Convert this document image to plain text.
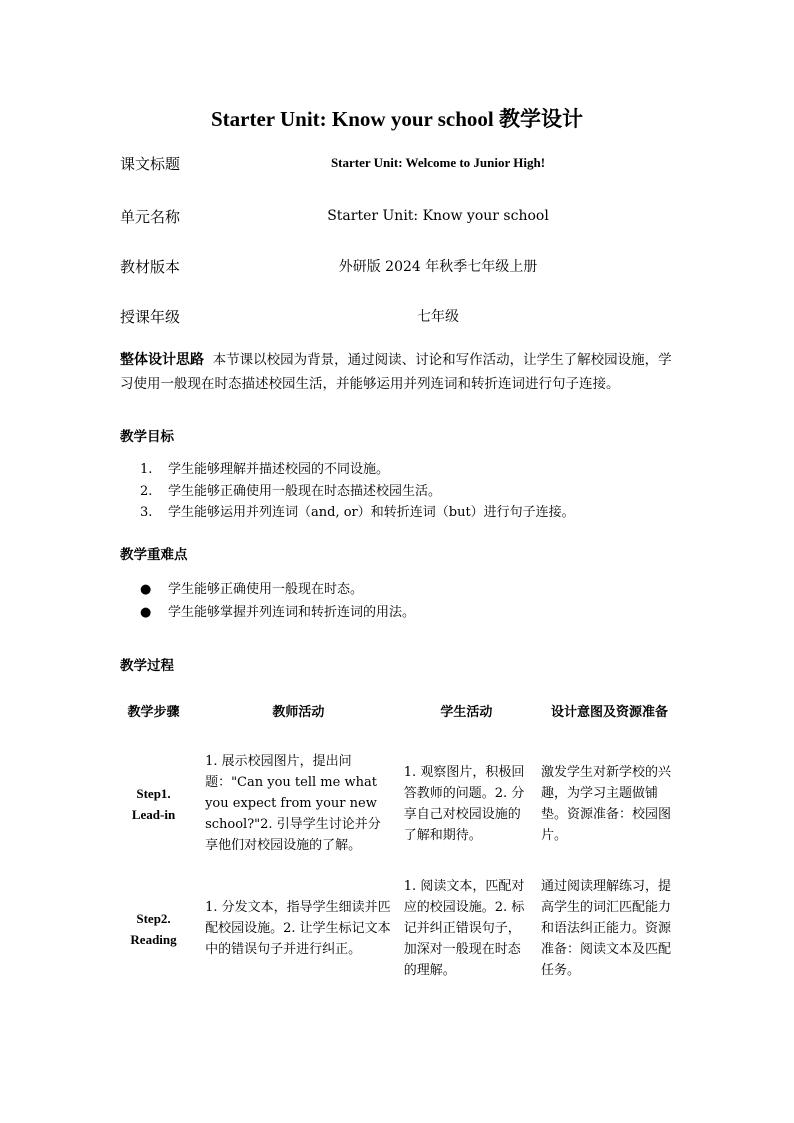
Starter Unit: Know your school 教学设计
课文标题	Starter Unit: Welcome to Junior High!
单元名称	Starter Unit: Know your school
教材版本	外研版 2024 年秋季七年级上册
授课年级	七年级
整体设计思路 本节课以校园为背景，通过阅读、讨论和写作活动，让学生了解校园设施，学习使用一般现在时态描述校园生活，并能够运用并列连词和转折连词进行句子连接。
教学目标
1. 学生能够理解并描述校园的不同设施。
2. 学生能够正确使用一般现在时态描述校园生活。
3. 学生能够运用并列连词（and, or）和转折连词（but）进行句子连接。
教学重难点
● 学生能够正确使用一般现在时态。
● 学生能够掌握并列连词和转折连词的用法。
教学过程
教学步骤	教师活动	学生活动	设计意图及资源准备

Step1.
Lead-in	1. 展示校园图片，提出问题："Can you tell me what you expect from your new school?"2. 引导学生讨论并分享他们对校园设施的了解。	1. 观察图片，积极回答教师的问题。2. 分享自己对校园设施的了解和期待。	激发学生对新学校的兴趣，为学习主题做铺垫。资源准备：校园图片。

Step2.
Reading	1. 分发文本，指导学生细读并匹配校园设施。2. 让学生标记文本中的错误句子并进行纠正。	1. 阅读文本，匹配对应的校园设施。2. 标记并纠正错误句子，加深对一般现在时态的理解。	通过阅读理解练习，提高学生的词汇匹配能力和语法纠正能力。资源准备：阅读文本及匹配任务。
